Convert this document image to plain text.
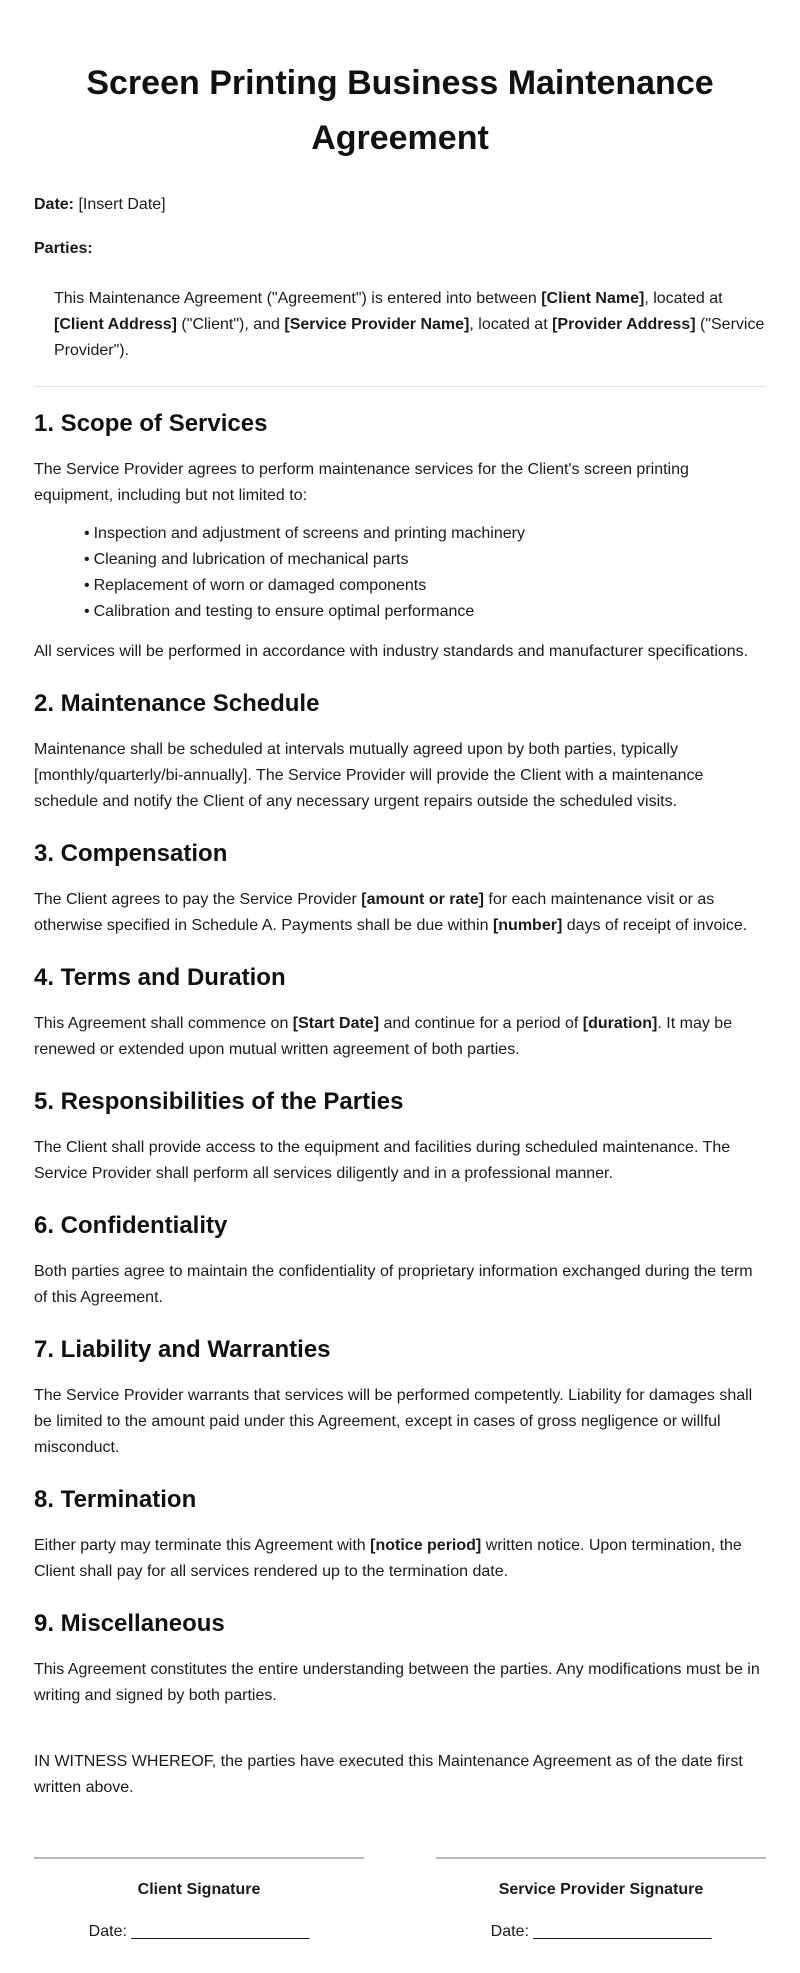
Screen Printing Business Maintenance Agreement

Date: [Insert Date]

Parties:

This Maintenance Agreement ("Agreement") is entered into between [Client Name], located at [Client Address] ("Client"), and [Service Provider Name], located at [Provider Address] ("Service Provider").

1. Scope of Services

The Service Provider agrees to perform maintenance services for the Client's screen printing equipment, including but not limited to:

• Inspection and adjustment of screens and printing machinery
• Cleaning and lubrication of mechanical parts
• Replacement of worn or damaged components
• Calibration and testing to ensure optimal performance

All services will be performed in accordance with industry standards and manufacturer specifications.

2. Maintenance Schedule

Maintenance shall be scheduled at intervals mutually agreed upon by both parties, typically [monthly/quarterly/bi-annually]. The Service Provider will provide the Client with a maintenance schedule and notify the Client of any necessary urgent repairs outside the scheduled visits.

3. Compensation

The Client agrees to pay the Service Provider [amount or rate] for each maintenance visit or as otherwise specified in Schedule A. Payments shall be due within [number] days of receipt of invoice.

4. Terms and Duration

This Agreement shall commence on [Start Date] and continue for a period of [duration]. It may be renewed or extended upon mutual written agreement of both parties.

5. Responsibilities of the Parties

The Client shall provide access to the equipment and facilities during scheduled maintenance. The Service Provider shall perform all services diligently and in a professional manner.

6. Confidentiality

Both parties agree to maintain the confidentiality of proprietary information exchanged during the term of this Agreement.

7. Liability and Warranties

The Service Provider warrants that services will be performed competently. Liability for damages shall be limited to the amount paid under this Agreement, except in cases of gross negligence or willful misconduct.

8. Termination

Either party may terminate this Agreement with [notice period] written notice. Upon termination, the Client shall pay for all services rendered up to the termination date.

9. Miscellaneous

This Agreement constitutes the entire understanding between the parties. Any modifications must be in writing and signed by both parties.

IN WITNESS WHEREOF, the parties have executed this Maintenance Agreement as of the date first written above.

Client Signature
Date: ____________________
Service Provider Signature
Date: ____________________
